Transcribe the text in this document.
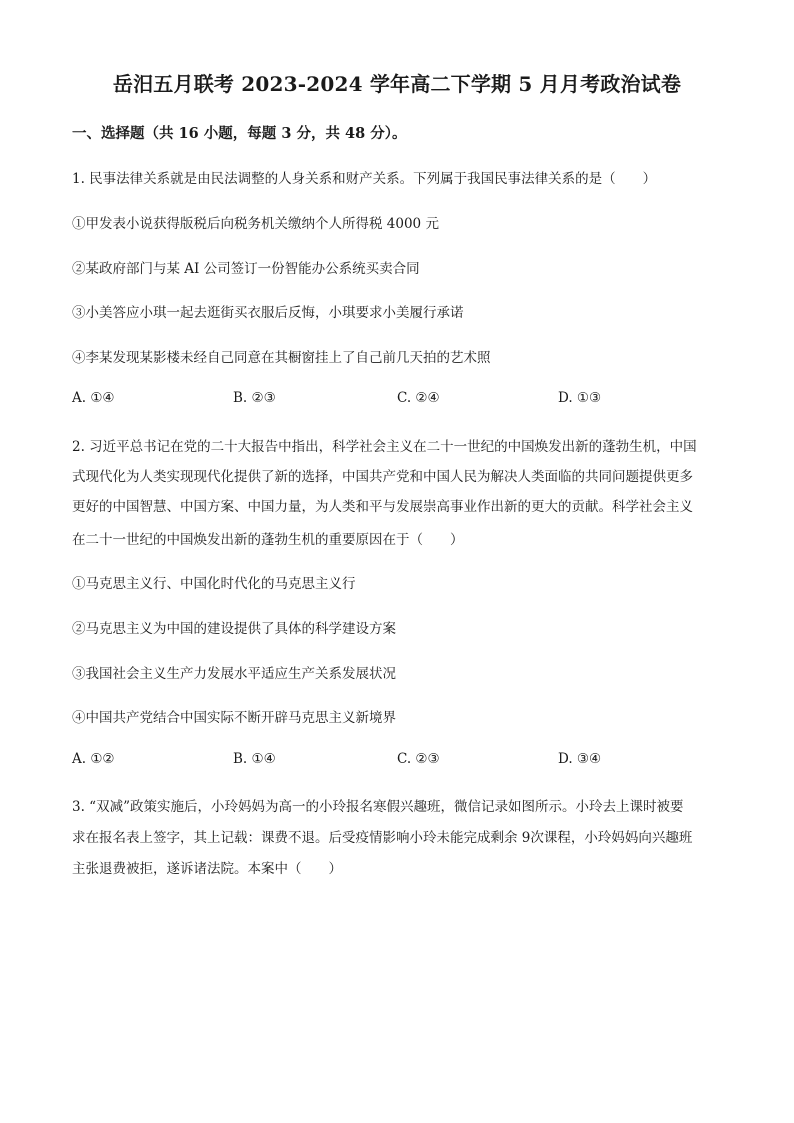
岳汨五月联考 2023-2024 学年高二下学期 5 月月考政治试卷
一、选择题（共 16 小题，每题 3 分，共 48 分）。
1. 民事法律关系就是由民法调整的人身关系和财产关系。下列属于我国民事法律关系的是（　　）
①甲发表小说获得版税后向税务机关缴纳个人所得税 4000 元
②某政府部门与某 AI 公司签订一份智能办公系统买卖合同
③小美答应小琪一起去逛街买衣服后反悔，小琪要求小美履行承诺
④李某发现某影楼未经自己同意在其橱窗挂上了自己前几天拍的艺术照
A. ①④	B. ②③	C. ②④	D. ①③
2. 习近平总书记在党的二十大报告中指出，科学社会主义在二十一世纪的中国焕发出新的蓬勃生机，中国
式现代化为人类实现现代化提供了新的选择，中国共产党和中国人民为解决人类面临的共同问题提供更多
更好的中国智慧、中国方案、中国力量，为人类和平与发展崇高事业作出新的更大的贡献。科学社会主义
在二十一世纪的中国焕发出新的蓬勃生机的重要原因在于（　　）
①马克思主义行、中国化时代化的马克思主义行
②马克思主义为中国的建设提供了具体的科学建设方案
③我国社会主义生产力发展水平适应生产关系发展状况
④中国共产党结合中国实际不断开辟马克思主义新境界
A. ①②	B. ①④	C. ②③	D. ③④
3. “双减”政策实施后，小玲妈妈为高一的小玲报名寒假兴趣班，微信记录如图所示。小玲去上课时被要
求在报名表上签字，其上记载：课费不退。后受疫情影响小玲未能完成剩余 9次课程，小玲妈妈向兴趣班
主张退费被拒，遂诉诸法院。本案中（　　）
